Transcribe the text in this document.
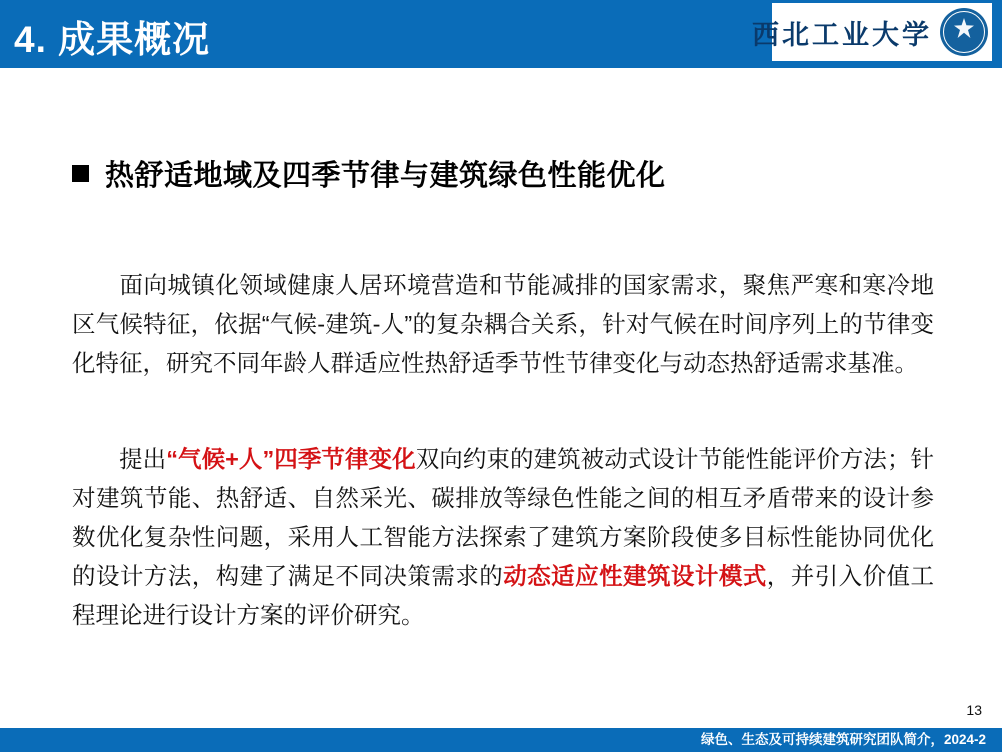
4. 成果概况	西北工业大学
热舒适地域及四季节律与建筑绿色性能优化
面向城镇化领域健康人居环境营造和节能减排的国家需求，聚焦严寒和寒冷地区气候特征，依据“气候-建筑-人”的复杂耦合关系，针对气候在时间序列上的节律变化特征，研究不同年龄人群适应性热舒适季节性节律变化与动态热舒适需求基准。
提出“气候+人”四季节律变化双向约束的建筑被动式设计节能性能评价方法；针对建筑节能、热舒适、自然采光、碳排放等绿色性能之间的相互矛盾带来的设计参数优化复杂性问题，采用人工智能方法探索了建筑方案阶段使多目标性能协同优化的设计方法，构建了满足不同决策需求的动态适应性建筑设计模式，并引入价值工程理论进行设计方案的评价研究。
13
绿色、生态及可持续建筑研究团队简介，2024-2
